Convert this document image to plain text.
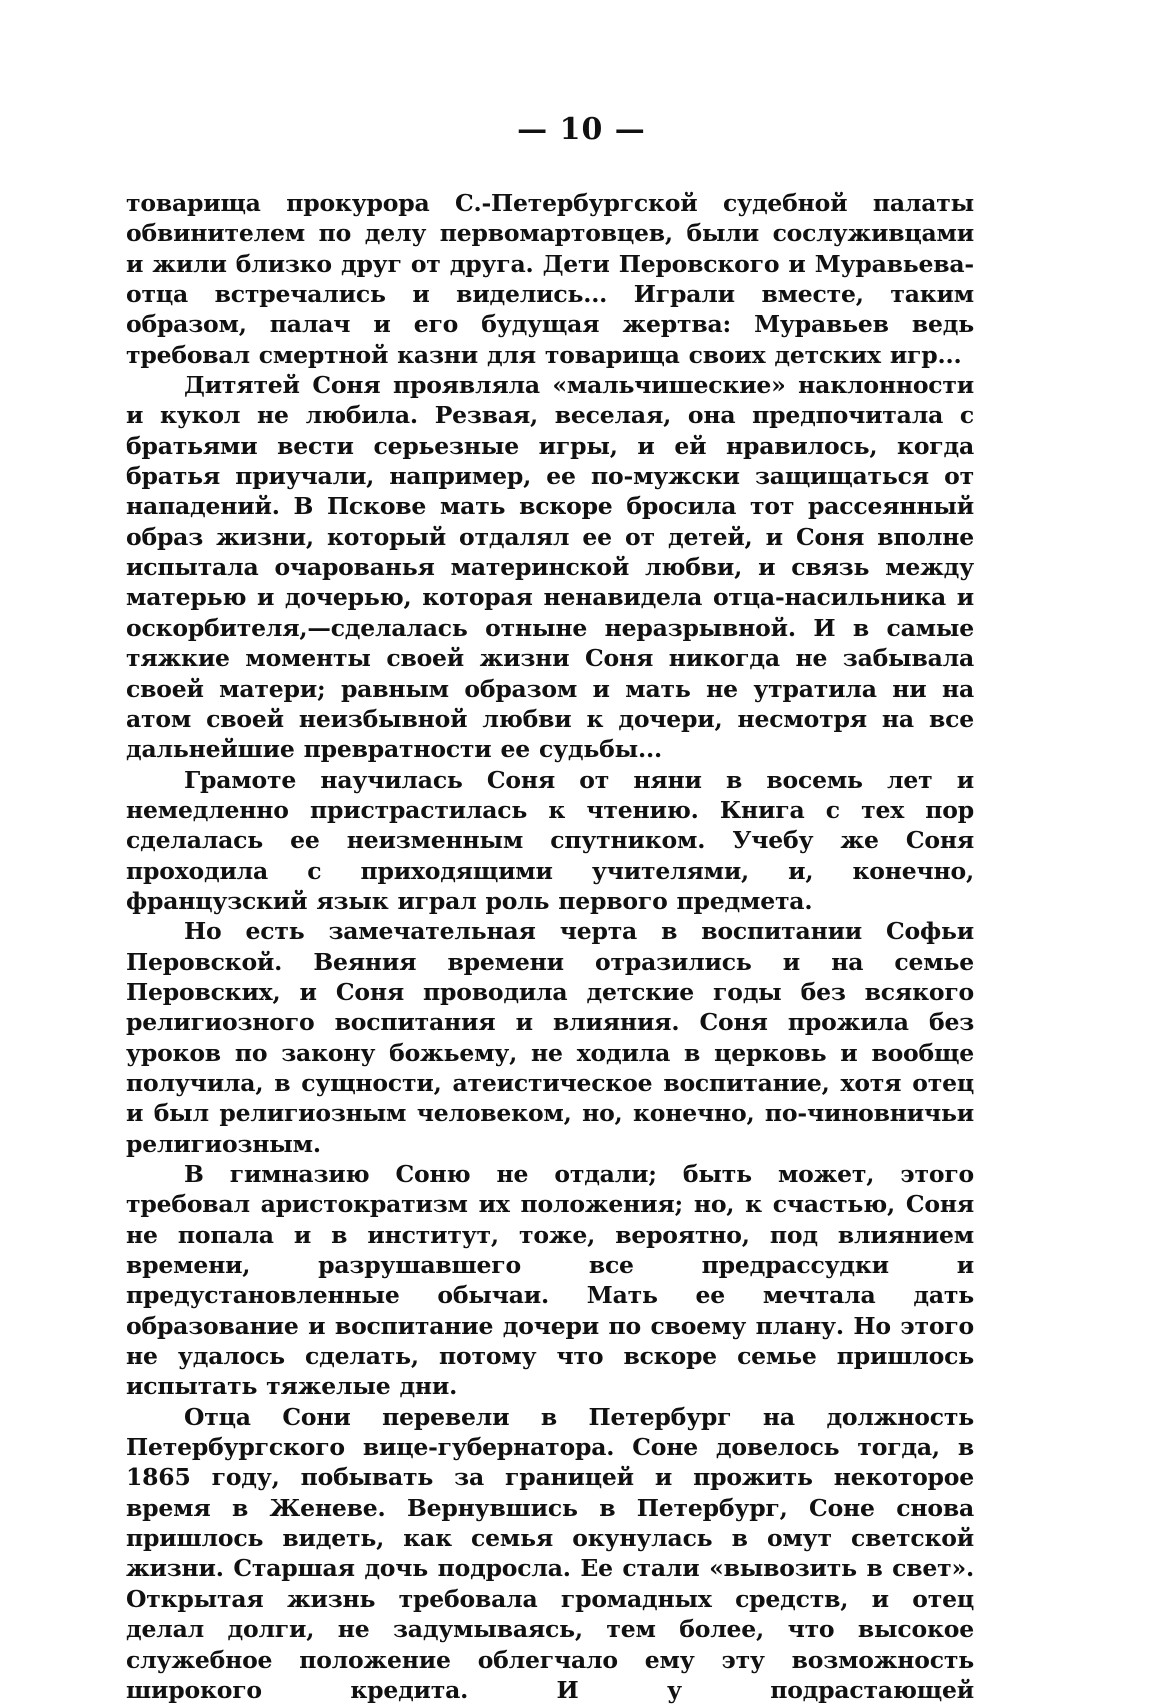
— 10 —

товарища прокурора С.-Петербургской судебной палаты обвинителем по делу первомартовцев, были сослуживцами и жили близко друг от друга. Дети Перовского и Муравьева-отца встречались и виделись... Играли вместе, таким образом, палач и его будущая жертва: Муравьев ведь требовал смертной казни для товарища своих детских игр...

Дитятей Соня проявляла «мальчишеские» наклонности и кукол не любила. Резвая, веселая, она предпочитала с братьями вести серьезные игры, и ей нравилось, когда братья приучали, например, ее по-мужски защищаться от нападений. В Пскове мать вскоре бросила тот рассеянный образ жизни, который отдалял ее от детей, и Соня вполне испытала очарованья материнской любви, и связь между матерью и дочерью, которая ненавидела отца-насильника и оскорбителя,—сделалась отныне неразрывной. И в самые тяжкие моменты своей жизни Соня никогда не забывала своей матери; равным образом и мать не утратила ни на атом своей неизбывной любви к дочери, несмотря на все дальнейшие превратности ее судьбы...

Грамоте научилась Соня от няни в восемь лет и немедленно пристрастилась к чтению. Книга с тех пор сделалась ее неизменным спутником. Учебу же Соня проходила с приходящими учителями, и, конечно, французский язык играл роль первого предмета.

Но есть замечательная черта в воспитании Софьи Перовской. Веяния времени отразились и на семье Перовских, и Соня проводила детские годы без всякого религиозного воспитания и влияния. Соня прожила без уроков по закону божьему, не ходила в церковь и вообще получила, в сущности, атеистическое воспитание, хотя отец и был религиозным человеком, но, конечно, по-чиновничьи религиозным.

В гимназию Соню не отдали; быть может, этого требовал аристократизм их положения; но, к счастью, Соня не попала и в институт, тоже, вероятно, под влиянием времени, разрушавшего все предрассудки и предустановленные обычаи. Мать ее мечтала дать образование и воспитание дочери по своему плану. Но этого не удалось сделать, потому что вскоре семье пришлось испытать тяжелые дни.

Отца Сони перевели в Петербург на должность Петербургского вице-губернатора. Соне довелось тогда, в 1865 году, побывать за границей и прожить некоторое время в Женеве. Вернувшись в Петербург, Соне снова пришлось видеть, как семья окунулась в омут светской жизни. Старшая дочь подросла. Ее стали «вывозить в свет». Открытая жизнь требовала громадных средств, и отец делал долги, не задумываясь, тем более, что высокое служебное положение облегчало ему эту возможность широкого кредита. И у подрастающей
